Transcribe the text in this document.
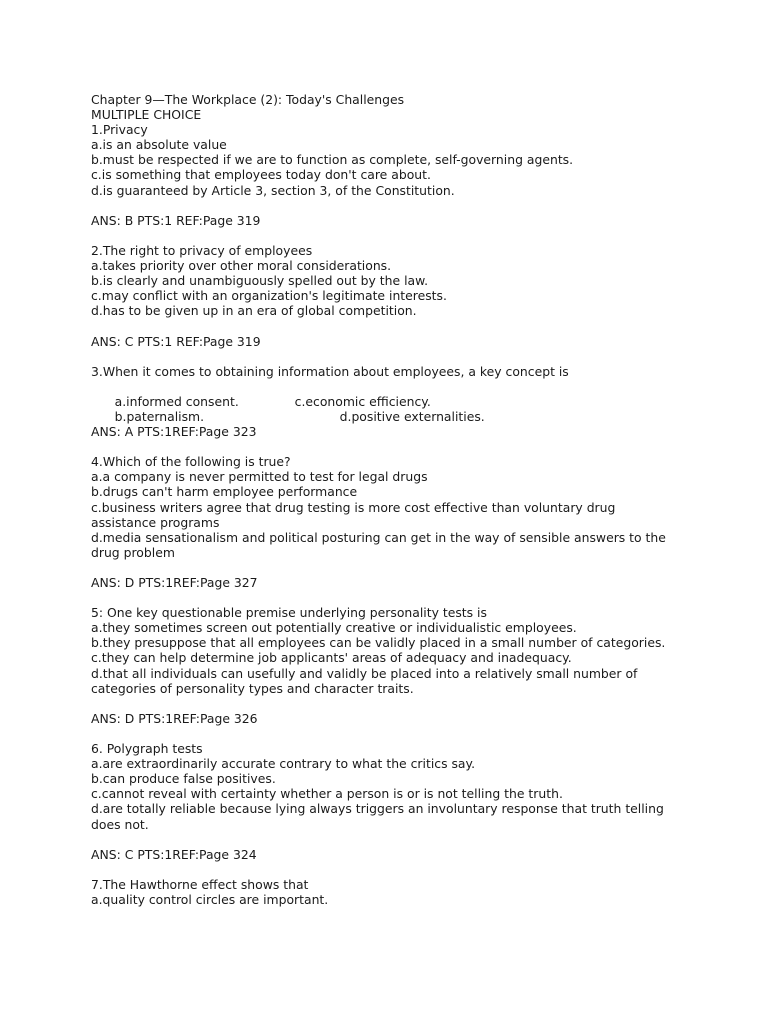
Chapter 9—The Workplace (2): Today's Challenges
MULTIPLE CHOICE
1.Privacy
a.is an absolute value
b.must be respected if we are to function as complete, self-governing agents.
c.is something that employees today don't care about.
d.is guaranteed by Article 3, section 3, of the Constitution.
ANS: B PTS:1 REF:Page 319
2.The right to privacy of employees
a.takes priority over other moral considerations.
b.is clearly and unambiguously spelled out by the law.
c.may conflict with an organization's legitimate interests.
d.has to be given up in an era of global competition.
ANS: C PTS:1 REF:Page 319
3.When it comes to obtaining information about employees, a key concept is

a.informed consent.	c.economic efficiency.

b.paternalism.	d.positive externalities.

ANS: A PTS:1REF:Page 323
4.Which of the following is true?
a.a company is never permitted to test for legal drugs
b.drugs can't harm employee performance
c.business writers agree that drug testing is more cost effective than voluntary drug
assistance programs
d.media sensationalism and political posturing can get in the way of sensible answers to the
drug problem
ANS: D PTS:1REF:Page 327
5: One key questionable premise underlying personality tests is
a.they sometimes screen out potentially creative or individualistic employees.
b.they presuppose that all employees can be validly placed in a small number of categories.
c.they can help determine job applicants' areas of adequacy and inadequacy.
d.that all individuals can usefully and validly be placed into a relatively small number of
categories of personality types and character traits.
ANS: D PTS:1REF:Page 326
6. Polygraph tests
a.are extraordinarily accurate contrary to what the critics say.
b.can produce false positives.
c.cannot reveal with certainty whether a person is or is not telling the truth.
d.are totally reliable because lying always triggers an involuntary response that truth telling
does not.
ANS: C PTS:1REF:Page 324
7.The Hawthorne effect shows that
a.quality control circles are important.
